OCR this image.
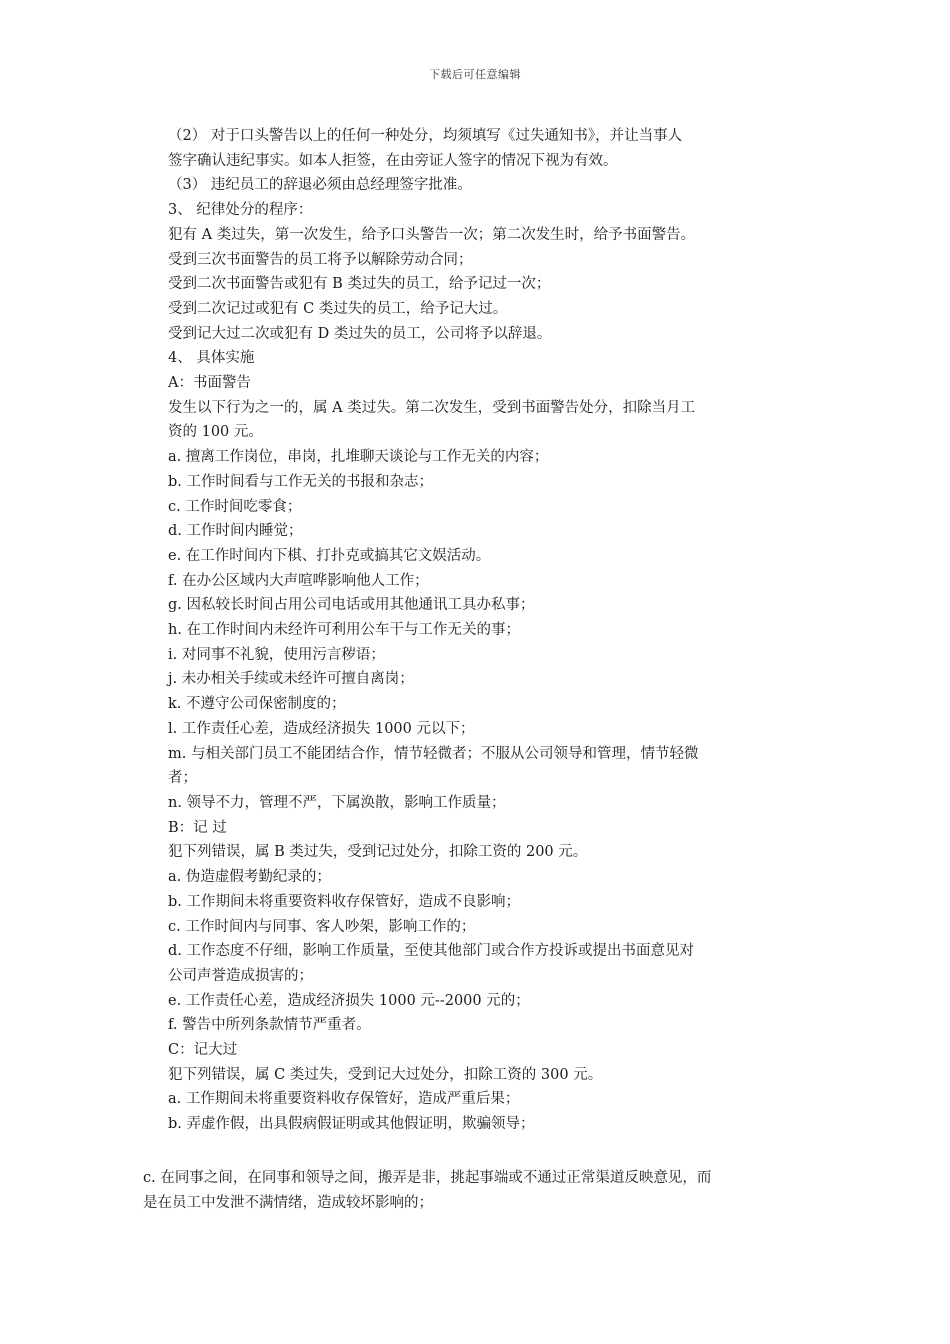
下载后可任意编辑

（2） 对于口头警告以上的任何一种处分，均须填写《过失通知书》，并让当事人

签字确认违纪事实。如本人拒签，在由旁证人签字的情况下视为有效。

（3） 违纪员工的辞退必须由总经理签字批准。

3、 纪律处分的程序：

犯有 A 类过失，第一次发生，给予口头警告一次；第二次发生时，给予书面警告。

受到三次书面警告的员工将予以解除劳动合同；

受到二次书面警告或犯有 B 类过失的员工，给予记过一次；

受到二次记过或犯有 C 类过失的员工，给予记大过。

受到记大过二次或犯有 D 类过失的员工，公司将予以辞退。

4、 具体实施

A：书面警告

发生以下行为之一的，属 A 类过失。第二次发生，受到书面警告处分，扣除当月工

资的 100 元。

a. 擅离工作岗位，串岗，扎堆聊天谈论与工作无关的内容；

b. 工作时间看与工作无关的书报和杂志；

c. 工作时间吃零食；

d. 工作时间内睡觉；

e. 在工作时间内下棋、打扑克或搞其它文娱活动。

f. 在办公区域内大声喧哗影响他人工作；

g. 因私较长时间占用公司电话或用其他通讯工具办私事；

h. 在工作时间内未经许可利用公车干与工作无关的事；

i. 对同事不礼貌，使用污言秽语；

j. 未办相关手续或未经许可擅自离岗；

k. 不遵守公司保密制度的；

l. 工作责任心差，造成经济损失 1000 元以下；

m. 与相关部门员工不能团结合作，情节轻微者；不服从公司领导和管理，情节轻微

者；

n. 领导不力，管理不严，下属涣散，影响工作质量；

B：记 过

犯下列错误，属 B 类过失，受到记过处分，扣除工资的 200 元。

a. 伪造虚假考勤纪录的；

b. 工作期间未将重要资料收存保管好，造成不良影响；

c. 工作时间内与同事、客人吵架，影响工作的；

d. 工作态度不仔细，影响工作质量，至使其他部门或合作方投诉或提出书面意见对

公司声誉造成损害的；

e. 工作责任心差，造成经济损失 1000 元--2000 元的；

f. 警告中所列条款情节严重者。

C：记大过

犯下列错误，属 C 类过失，受到记大过处分，扣除工资的 300 元。

a. 工作期间未将重要资料收存保管好，造成严重后果；

b. 弄虚作假，出具假病假证明或其他假证明，欺骗领导；

c. 在同事之间，在同事和领导之间，搬弄是非，挑起事端或不通过正常渠道反映意见，而

是在员工中发泄不满情绪，造成较坏影响的；
